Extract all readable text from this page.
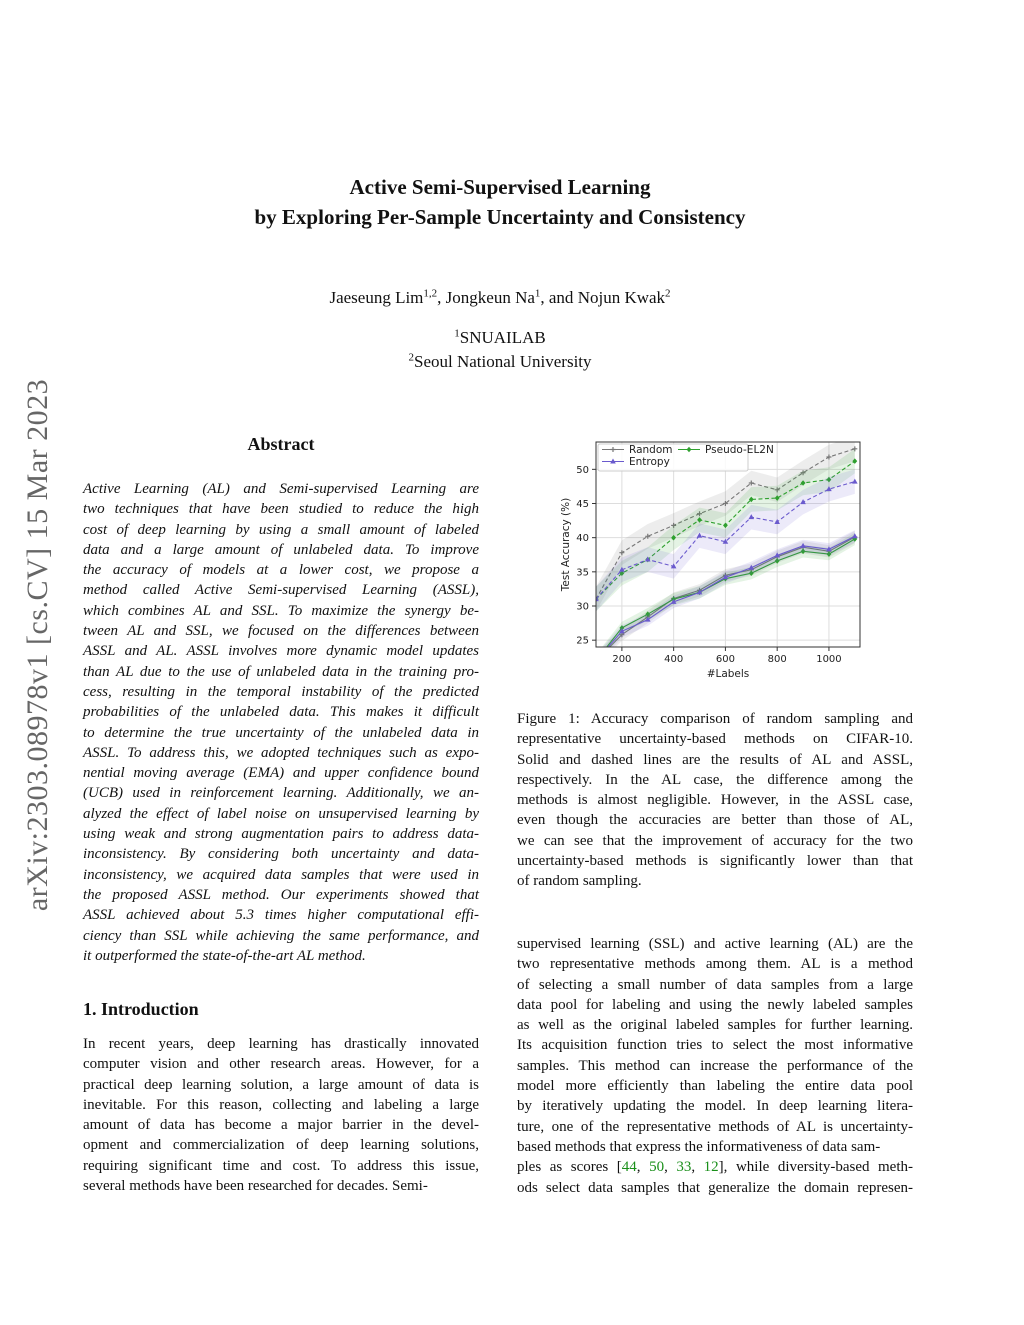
arXiv:2303.08978v1 [cs.CV] 15 Mar 2023
Active Semi-Supervised Learning
by Exploring Per-Sample Uncertainty and Consistency
Jaeseung Lim$^{1,2}$, Jongkeun Na$^1$, and Nojun Kwak$^2$
$^1$SNUAILAB
$^2$Seoul National University
Abstract
Active Learning (AL) and Semi-supervised Learning are
two techniques that have been studied to reduce the high
cost of deep learning by using a small amount of labeled
data and a large amount of unlabeled data. To improve
the accuracy of models at a lower cost, we propose a
method called Active Semi-supervised Learning (ASSL),
which combines AL and SSL. To maximize the synergy be-
tween AL and SSL, we focused on the differences between
ASSL and AL. ASSL involves more dynamic model updates
than AL due to the use of unlabeled data in the training pro-
cess, resulting in the temporal instability of the predicted
probabilities of the unlabeled data. This makes it difficult
to determine the true uncertainty of the unlabeled data in
ASSL. To address this, we adopted techniques such as expo-
nential moving average (EMA) and upper confidence bound
(UCB) used in reinforcement learning. Additionally, we an-
alyzed the effect of label noise on unsupervised learning by
using weak and strong augmentation pairs to address data-
inconsistency. By considering both uncertainty and data-
inconsistency, we acquired data samples that were used in
the proposed ASSL method. Our experiments showed that
ASSL achieved about 5.3 times higher computational effi-
ciency than SSL while achieving the same performance, and
it outperformed the state-of-the-art AL method.
1. Introduction
In recent years, deep learning has drastically innovated
computer vision and other research areas. However, for a
practical deep learning solution, a large amount of data is
inevitable. For this reason, collecting and labeling a large
amount of data has become a major barrier in the devel-
opment and commercialization of deep learning solutions,
requiring significant time and cost. To address this issue,
several methods have been researched for decades. Semi-
200	400	600	800	1000
25
30
35
40
45
50
Random	Pseudo-EL2N
Entropy
#Labels
Test Accuracy (%)
Figure 1: Accuracy comparison of random sampling and
representative uncertainty-based methods on CIFAR-10.
Solid and dashed lines are the results of AL and ASSL,
respectively. In the AL case, the difference among the
methods is almost negligible. However, in the ASSL case,
even though the accuracies are better than those of AL,
we can see that the improvement of accuracy for the two
uncertainty-based methods is significantly lower than that
of random sampling.
supervised learning (SSL) and active learning (AL) are the
two representative methods among them. AL is a method
of selecting a small number of data samples from a large
data pool for labeling and using the newly labeled samples
as well as the original labeled samples for further learning.
Its acquisition function tries to select the most informative
samples. This method can increase the performance of the
model more efficiently than labeling the entire data pool
by iteratively updating the model. In deep learning litera-
ture, one of the representative methods of AL is uncertainty-
based methods that express the informativeness of data sam-
ples as scores [44, 50, 33, 12], while diversity-based meth-
ods select data samples that generalize the domain represen-
